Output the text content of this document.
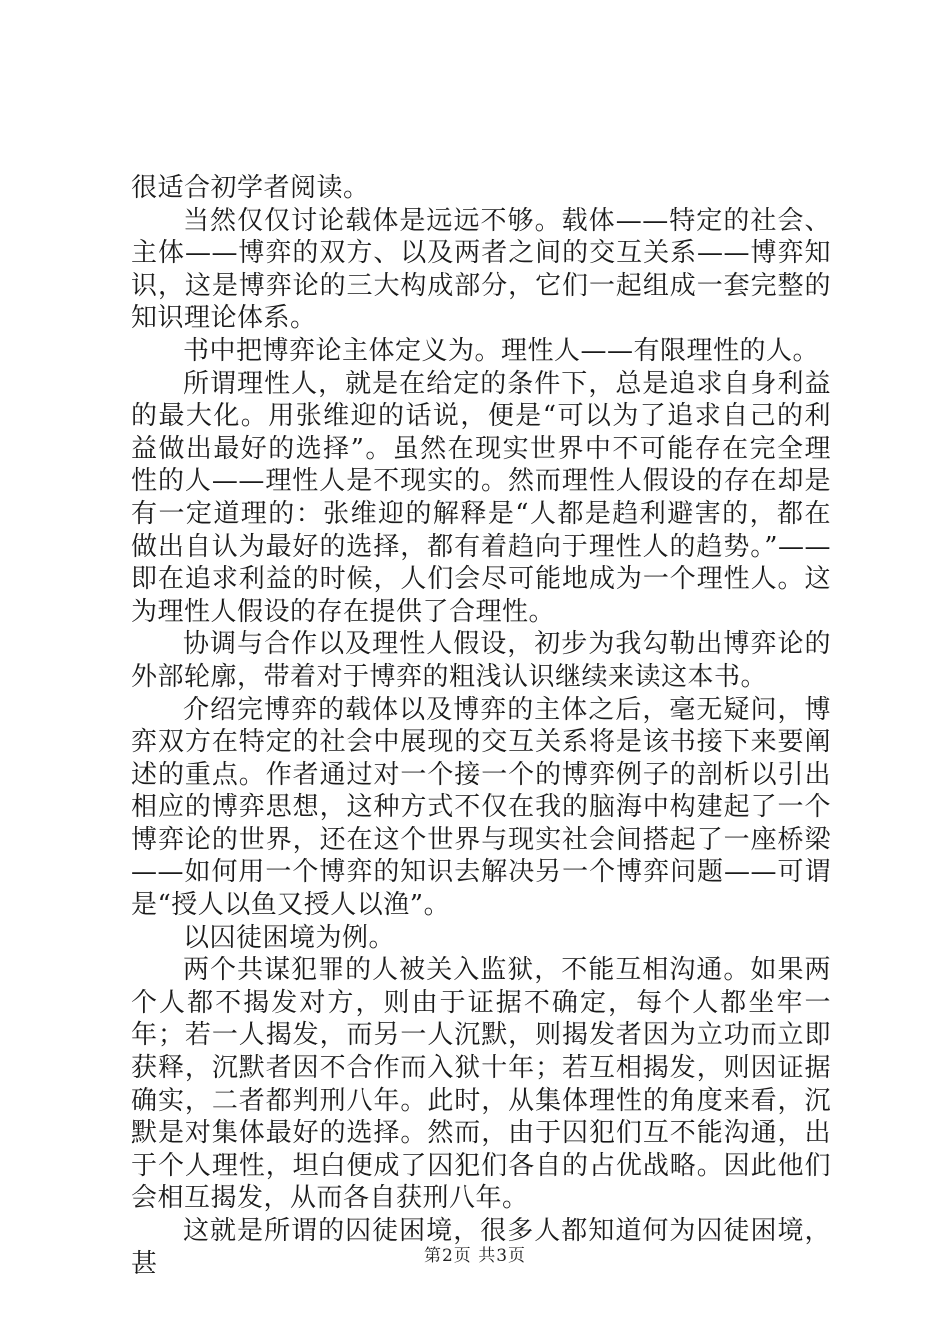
很适合初学者阅读。

当然仅仅讨论载体是远远不够。载体——特定的社会、主体——博弈的双方、以及两者之间的交互关系——博弈知识，这是博弈论的三大构成部分，它们一起组成一套完整的知识理论体系。

书中把博弈论主体定义为。理性人——有限理性的人。

所谓理性人，就是在给定的条件下，总是追求自身利益的最大化。用张维迎的话说，便是“可以为了追求自己的利益做出最好的选择”。虽然在现实世界中不可能存在完全理性的人——理性人是不现实的。然而理性人假设的存在却是有一定道理的：张维迎的解释是“人都是趋利避害的，都在做出自认为最好的选择，都有着趋向于理性人的趋势。”——即在追求利益的时候，人们会尽可能地成为一个理性人。这为理性人假设的存在提供了合理性。

协调与合作以及理性人假设，初步为我勾勒出博弈论的外部轮廓，带着对于博弈的粗浅认识继续来读这本书。

介绍完博弈的载体以及博弈的主体之后，毫无疑问，博弈双方在特定的社会中展现的交互关系将是该书接下来要阐述的重点。作者通过对一个接一个的博弈例子的剖析以引出相应的博弈思想，这种方式不仅在我的脑海中构建起了一个博弈论的世界，还在这个世界与现实社会间搭起了一座桥梁——如何用一个博弈的知识去解决另一个博弈问题——可谓是“授人以鱼又授人以渔”。

以囚徒困境为例。

两个共谋犯罪的人被关入监狱，不能互相沟通。如果两个人都不揭发对方，则由于证据不确定，每个人都坐牢一年；若一人揭发，而另一人沉默，则揭发者因为立功而立即获释，沉默者因不合作而入狱十年；若互相揭发，则因证据确实，二者都判刑八年。此时，从集体理性的角度来看，沉默是对集体最好的选择。然而，由于囚犯们互不能沟通，出于个人理性，坦白便成了囚犯们各自的占优战略。因此他们会相互揭发，从而各自获刑八年。

这就是所谓的囚徒困境，很多人都知道何为囚徒困境，甚	第2页 共3页
